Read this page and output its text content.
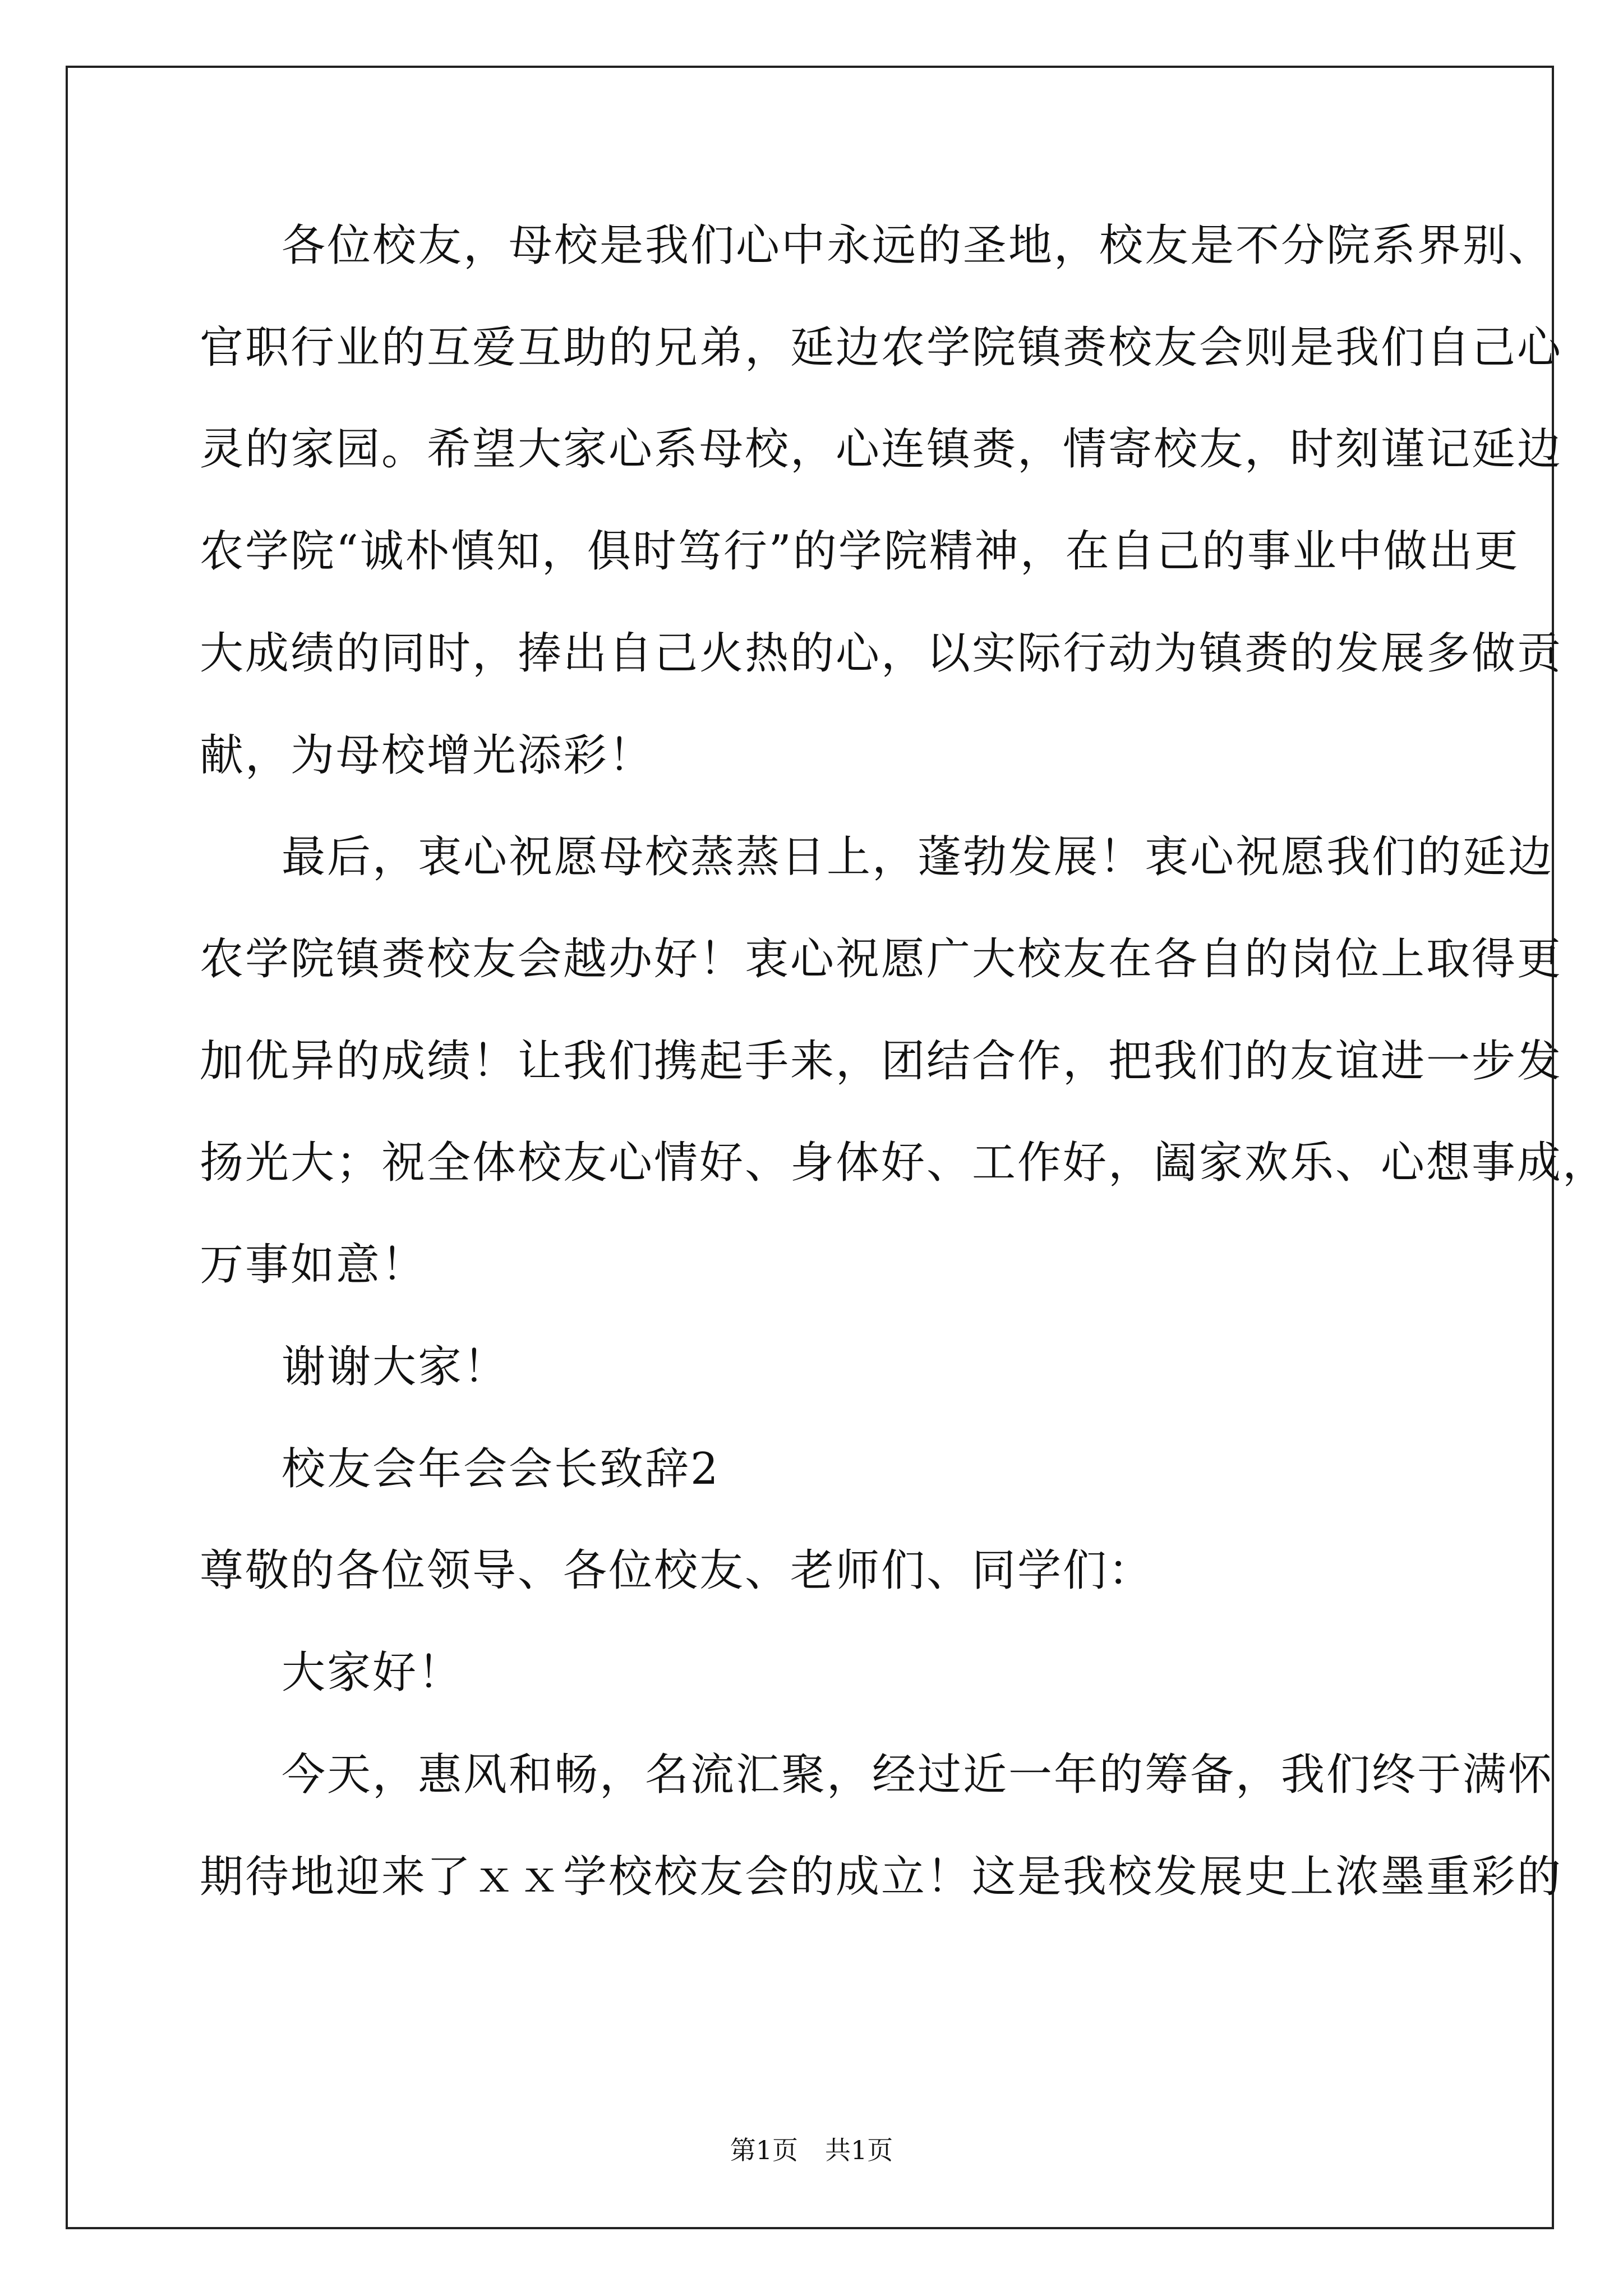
各位校友，母校是我们心中永远的圣地，校友是不分院系界别、
官职行业的互爱互助的兄弟，延边农学院镇赉校友会则是我们自己心
灵的家园。希望大家心系母校，心连镇赉，情寄校友，时刻谨记延边
农学院“诚朴慎知，俱时笃行”的学院精神，在自己的事业中做出更
大成绩的同时，捧出自己火热的心，以实际行动为镇赉的发展多做贡
献，为母校增光添彩！
最后，衷心祝愿母校蒸蒸日上，蓬勃发展！衷心祝愿我们的延边
农学院镇赉校友会越办好！衷心祝愿广大校友在各自的岗位上取得更
加优异的成绩！让我们携起手来，团结合作，把我们的友谊进一步发
扬光大；祝全体校友心情好、身体好、工作好，阖家欢乐、心想事成，
万事如意！
谢谢大家！
校友会年会会长致辞2
尊敬的各位领导、各位校友、老师们、同学们：
大家好！
今天，惠风和畅，名流汇聚，经过近一年的筹备，我们终于满怀
期待地迎来了ｘｘ学校校友会的成立！这是我校发展史上浓墨重彩的
第1页 共1页
